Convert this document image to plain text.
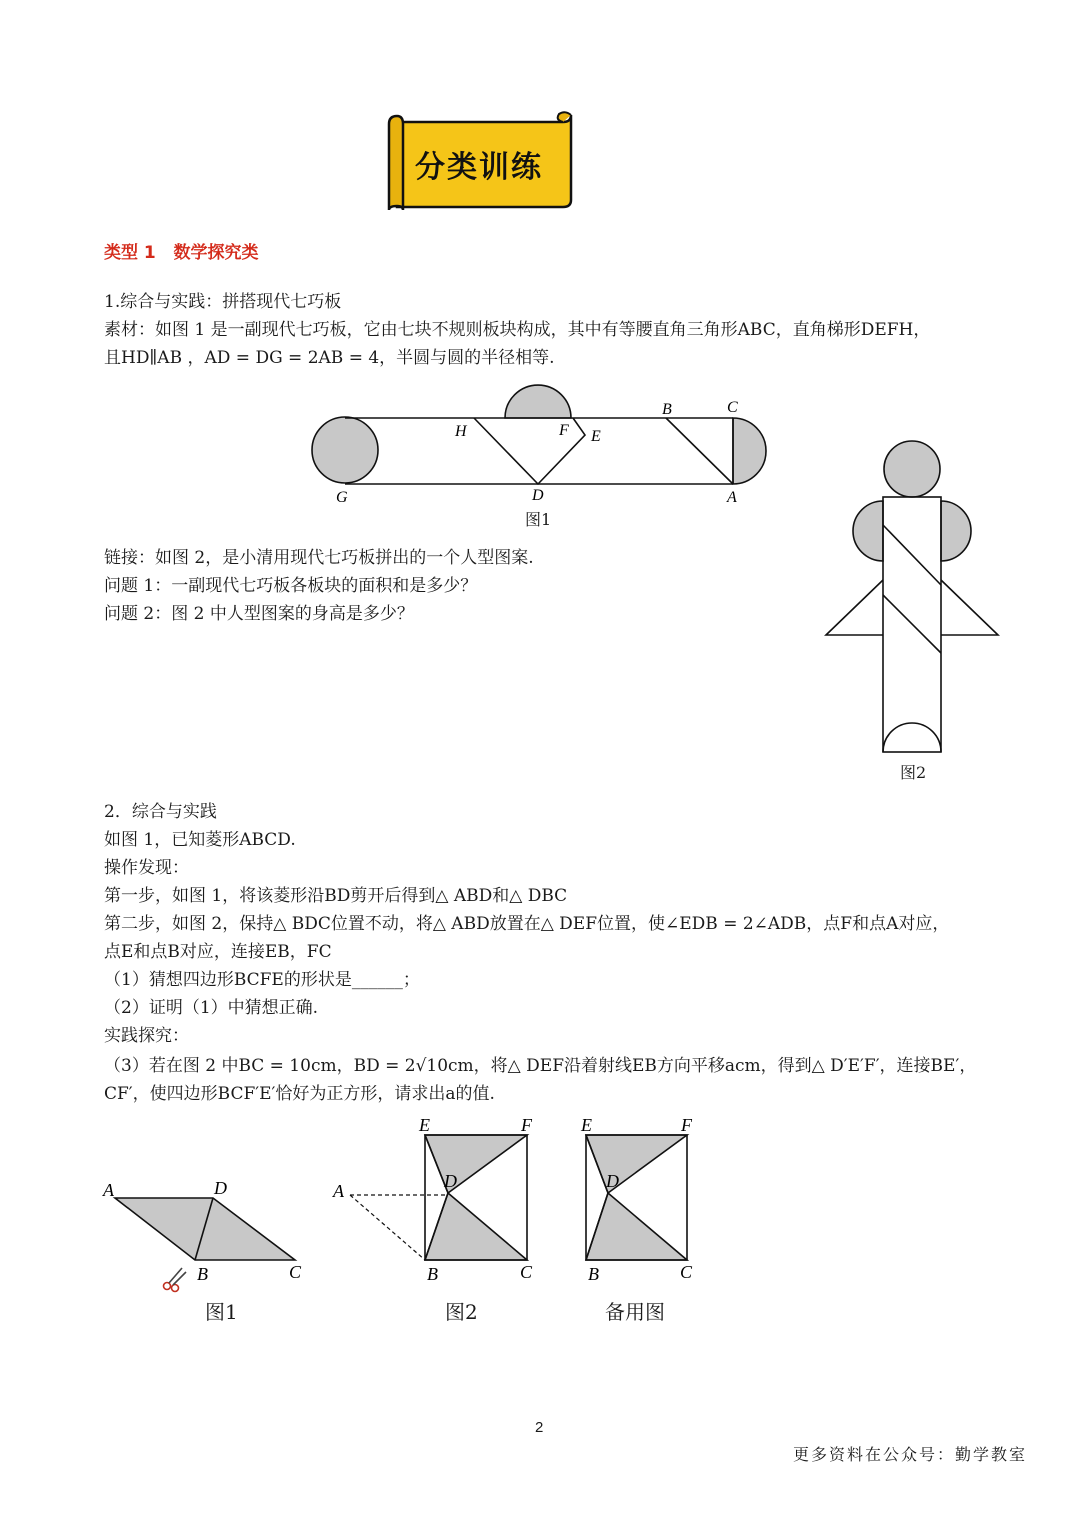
分类训练
类型 1   数学探究类
1.综合与实践：拼搭现代七巧板
素材：如图 1 是一副现代七巧板，它由七块不规则板块构成，其中有等腰直角三角形ABC，直角梯形DEFH，
且HD∥AB ，AD = DG = 2AB = 4，半圆与圆的半径相等.
H	F E
B	C
G	D	A
图1
图2
链接：如图 2，是小清用现代七巧板拼出的一个人型图案.
问题 1：一副现代七巧板各板块的面积和是多少？
问题 2：图 2 中人型图案的身高是多少？
2．综合与实践
如图 1，已知菱形ABCD.
操作发现：
第一步，如图 1，将该菱形沿BD剪开后得到△ ABD和△ DBC
第二步，如图 2，保持△ BDC位置不动，将△ ABD放置在△ DEF位置，使∠EDB = 2∠ADB，点F和点A对应，
点E和点B对应，连接EB，FC
（1）猜想四边形BCFE的形状是______；
（2）证明（1）中猜想正确.
实践探究：
（3）若在图 2 中BC = 10cm，BD = 2√10cm，将△ DEF沿着射线EB方向平移acm，得到△ D′E′F′，连接BE′，
CF′，使四边形BCF′E′恰好为正方形，请求出a的值.
A	D
B	C
图1
E	F
A	D
B	C
图2
E	F
D
B	C
备用图
2
更多资料在公众号：勤学教室
